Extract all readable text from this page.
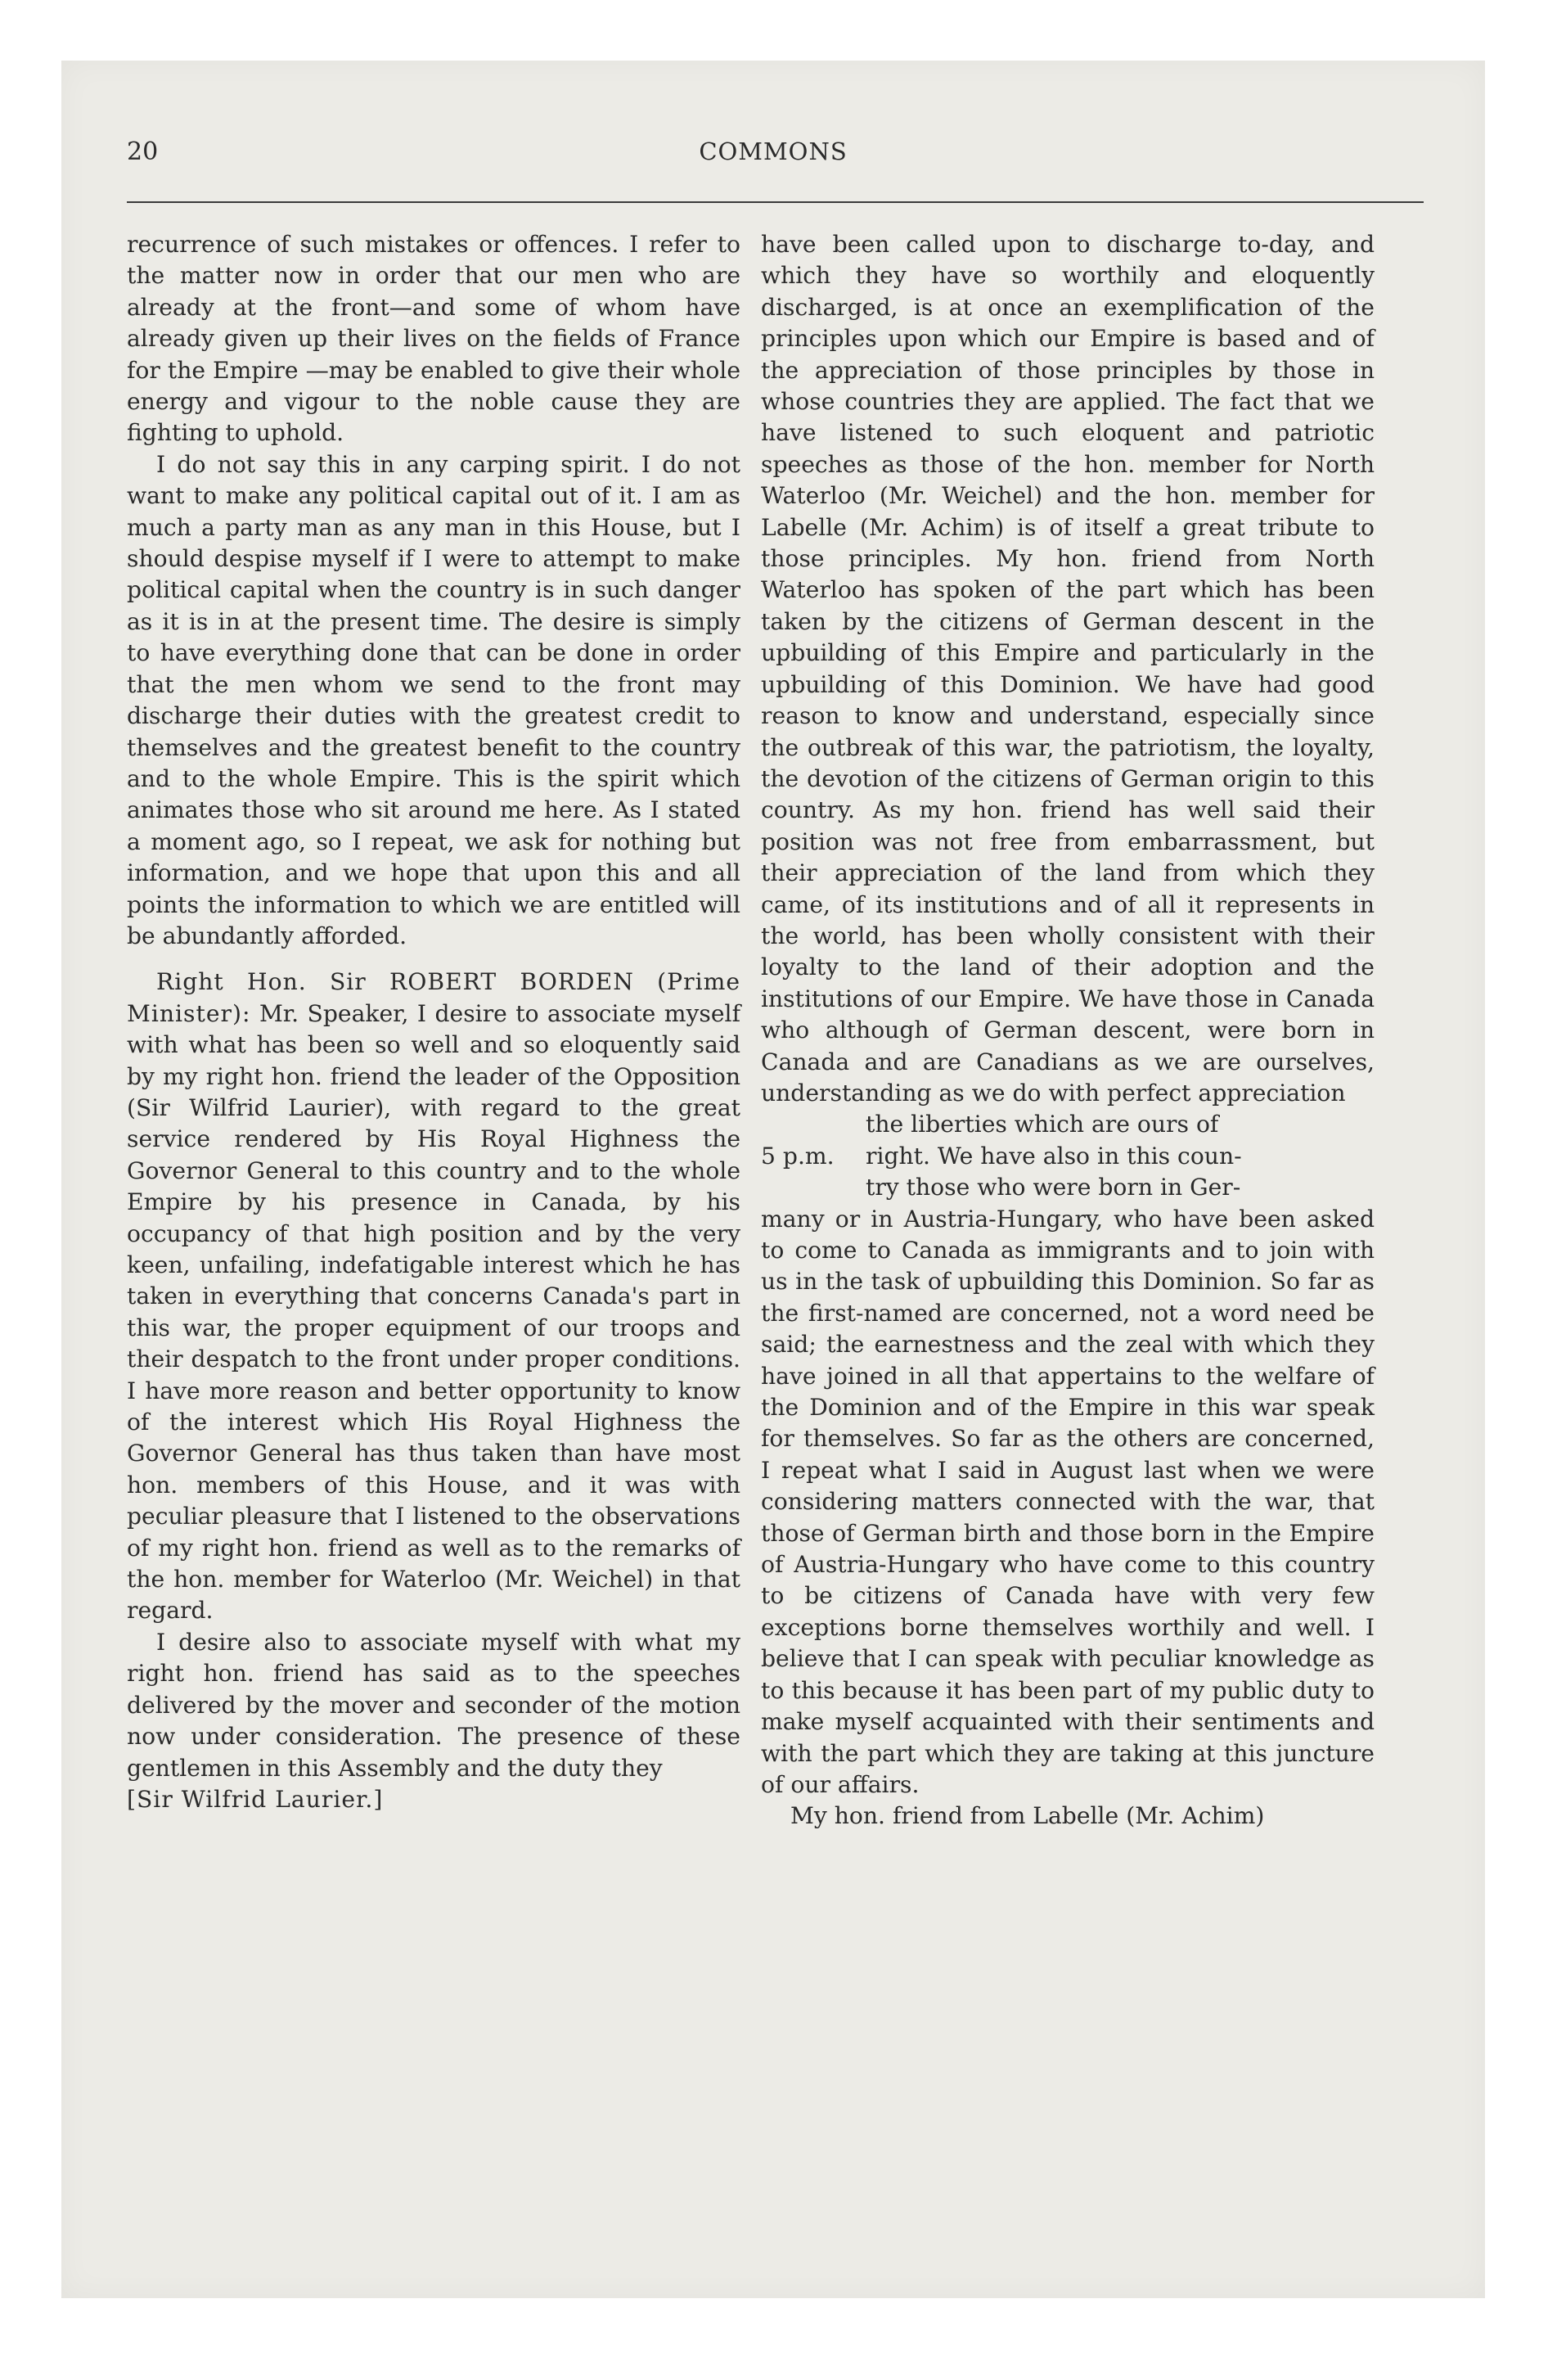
20	COMMONS

recurrence of such mistakes or offences. I refer to the matter now in order that our men who are already at the front—and some of whom have already given up their lives on the fields of France for the Empire —may be enabled to give their whole energy and vigour to the noble cause they are fighting to uphold.

I do not say this in any carping spirit. I do not want to make any political capital out of it. I am as much a party man as any man in this House, but I should despise myself if I were to attempt to make political capital when the country is in such danger as it is in at the present time. The desire is simply to have everything done that can be done in order that the men whom we send to the front may discharge their duties with the greatest credit to themselves and the greatest benefit to the country and to the whole Empire. This is the spirit which animates those who sit around me here. As I stated a moment ago, so I repeat, we ask for nothing but information, and we hope that upon this and all points the information to which we are entitled will be abundantly afforded.

Right Hon. Sir ROBERT BORDEN (Prime Minister): Mr. Speaker, I desire to associate myself with what has been so well and so eloquently said by my right hon. friend the leader of the Opposition (Sir Wilfrid Laurier), with regard to the great service rendered by His Royal Highness the Governor General to this country and to the whole Empire by his presence in Canada, by his occupancy of that high position and by the very keen, unfailing, indefatigable interest which he has taken in everything that concerns Canada's part in this war, the proper equipment of our troops and their despatch to the front under proper conditions. I have more reason and better opportunity to know of the interest which His Royal Highness the Governor General has thus taken than have most hon. members of this House, and it was with peculiar pleasure that I listened to the observations of my right hon. friend as well as to the remarks of the hon. member for Waterloo (Mr. Weichel) in that regard.

I desire also to associate myself with what my right hon. friend has said as to the speeches delivered by the mover and seconder of the motion now under consideration. The presence of these gentlemen in this Assembly and the duty they

[Sir Wilfrid Laurier.]

have been called upon to discharge to-day, and which they have so worthily and eloquently discharged, is at once an exemplification of the principles upon which our Empire is based and of the appreciation of those principles by those in whose countries they are applied. The fact that we have listened to such eloquent and patriotic speeches as those of the hon. member for North Waterloo (Mr. Weichel) and the hon. member for Labelle (Mr. Achim) is of itself a great tribute to those principles. My hon. friend from North Waterloo has spoken of the part which has been taken by the citizens of German descent in the upbuilding of this Empire and particularly in the upbuilding of this Dominion. We have had good reason to know and understand, especially since the outbreak of this war, the patriotism, the loyalty, the devotion of the citizens of German origin to this country. As my hon. friend has well said their position was not free from embarrassment, but their appreciation of the land from which they came, of its institutions and of all it represents in the world, has been wholly consistent with their loyalty to the land of their adoption and the institutions of our Empire. We have those in Canada who although of German descent, were born in Canada and are Canadians as we are ourselves, understanding as we do with perfect appreciation

the liberties which are ours of

5 p.m.	right. We have also in this coun-

try those who were born in Ger-

many or in Austria-Hungary, who have been asked to come to Canada as immigrants and to join with us in the task of upbuilding this Dominion. So far as the first-named are concerned, not a word need be said; the earnestness and the zeal with which they have joined in all that appertains to the welfare of the Dominion and of the Empire in this war speak for themselves. So far as the others are concerned, I repeat what I said in August last when we were considering matters connected with the war, that those of German birth and those born in the Empire of Austria-Hungary who have come to this country to be citizens of Canada have with very few exceptions borne themselves worthily and well. I believe that I can speak with peculiar knowledge as to this because it has been part of my public duty to make myself acquainted with their sentiments and with the part which they are taking at this juncture of our affairs.

My hon. friend from Labelle (Mr. Achim)
